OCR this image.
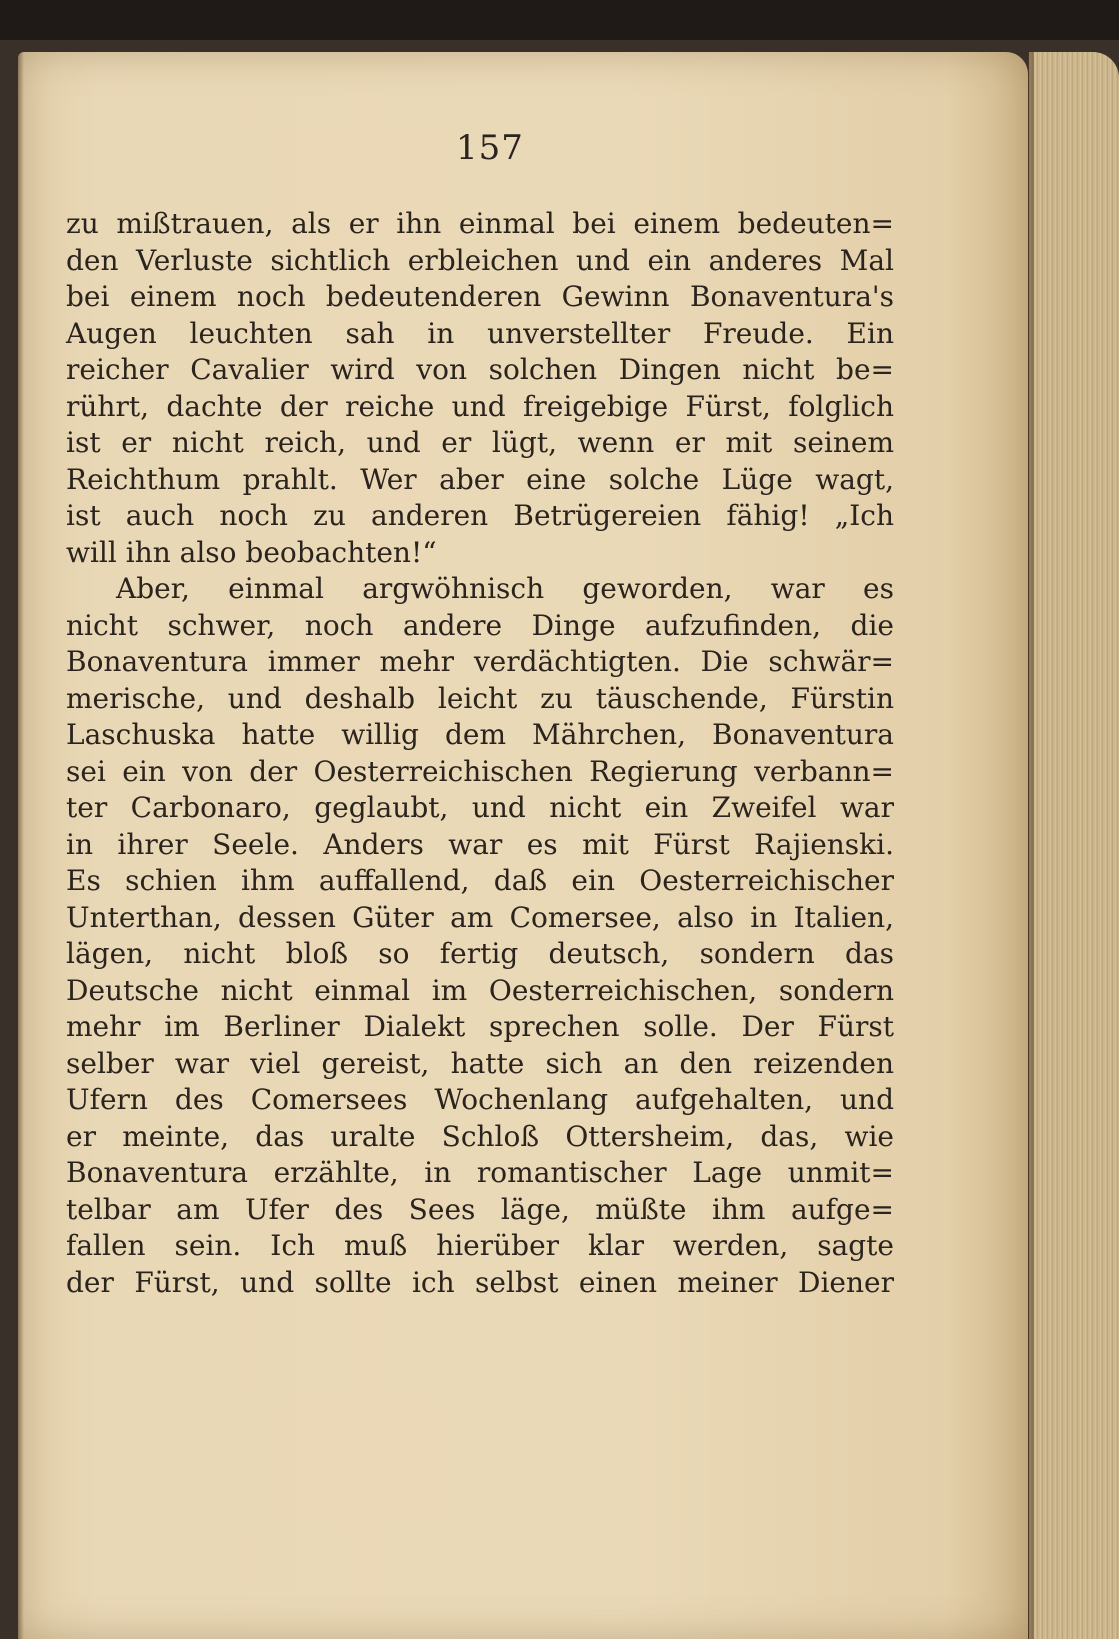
157
zu mißtrauen, als er ihn einmal bei einem bedeuten=
den Verluste sichtlich erbleichen und ein anderes Mal
bei einem noch bedeutenderen Gewinn Bonaventura's
Augen leuchten sah in unverstellter Freude. Ein
reicher Cavalier wird von solchen Dingen nicht be=
rührt, dachte der reiche und freigebige Fürst, folglich
ist er nicht reich, und er lügt, wenn er mit seinem
Reichthum prahlt. Wer aber eine solche Lüge wagt,
ist auch noch zu anderen Betrügereien fähig! „Ich
will ihn also beobachten!“
Aber, einmal argwöhnisch geworden, war es
nicht schwer, noch andere Dinge aufzufinden, die
Bonaventura immer mehr verdächtigten. Die schwär=
merische, und deshalb leicht zu täuschende, Fürstin
Laschuska hatte willig dem Mährchen, Bonaventura
sei ein von der Oesterreichischen Regierung verbann=
ter Carbonaro, geglaubt, und nicht ein Zweifel war
in ihrer Seele. Anders war es mit Fürst Rajienski.
Es schien ihm auffallend, daß ein Oesterreichischer
Unterthan, dessen Güter am Comersee, also in Italien,
lägen, nicht bloß so fertig deutsch, sondern das
Deutsche nicht einmal im Oesterreichischen, sondern
mehr im Berliner Dialekt sprechen solle. Der Fürst
selber war viel gereist, hatte sich an den reizenden
Ufern des Comersees Wochenlang aufgehalten, und
er meinte, das uralte Schloß Ottersheim, das, wie
Bonaventura erzählte, in romantischer Lage unmit=
telbar am Ufer des Sees läge, müßte ihm aufge=
fallen sein. Ich muß hierüber klar werden, sagte
der Fürst, und sollte ich selbst einen meiner Diener
